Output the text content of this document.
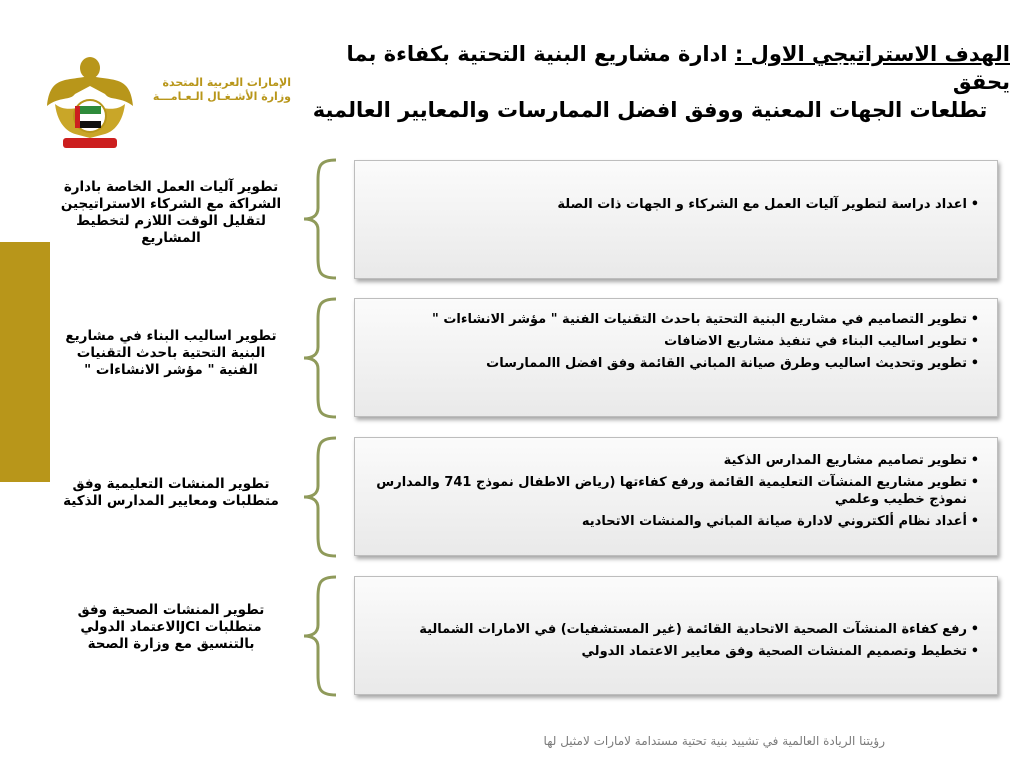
الإمارات العربية المتحدة
وزارة الأشـغـال الـعـامـــة
الهدف الاستراتيجي الاول : ادارة مشاريع البنية التحتية بكفاءة بما يحقق
تطلعات الجهات المعنية ووفق افضل الممارسات والمعايير العالمية
تطوير آليات العمل الخاصة بادارة الشراكة مع الشركاء الاستراتيجين لتقليل الوقت اللازم لتخطيط المشاريع
•
اعداد دراسة لتطوير آليات العمل مع الشركاء و الجهات ذات الصلة
تطوير اساليب البناء في مشاريع البنية التحتية باحدث التقنيات الفنية " مؤشر الانشاءات "
•
تطوير التصاميم في مشاريع البنية التحتية باحدث التقنيات الفنية " مؤشر الانشاءات "
•
تطوير اساليب البناء في تنفيذ مشاريع الاضافات
•
تطوير وتحديث اساليب وطرق صيانة المباني القائمة وفق افضل االممارسات
تطوير المنشات التعليمية وفق متطلبات ومعايير المدارس الذكية
•
تطوير تصاميم مشاريع المدارس الذكية
•
تطوير مشاريع المنشآت التعليمية القائمة ورفع كفاءتها (رياض الاطفال نموذج 741 والمدارس نموذج خطيب وعلمي
•
أعداد نظام ألكتروني لادارة صيانة المباني والمنشات الاتحاديه
تطوير المنشات الصحية وفق متطلبات JCIالاعتماد الدولي بالتنسيق مع وزارة الصحة
•
رفع كفاءة المنشآت الصحية الاتحادية القائمة (غير المستشفيات) في الامارات الشمالية
•
تخطيط وتصميم المنشات الصحية وفق معايير الاعتماد الدولي
رؤيتنا الريادة العالمية في تشييد بنية تحتية مستدامة لامارات لامثيل لها
